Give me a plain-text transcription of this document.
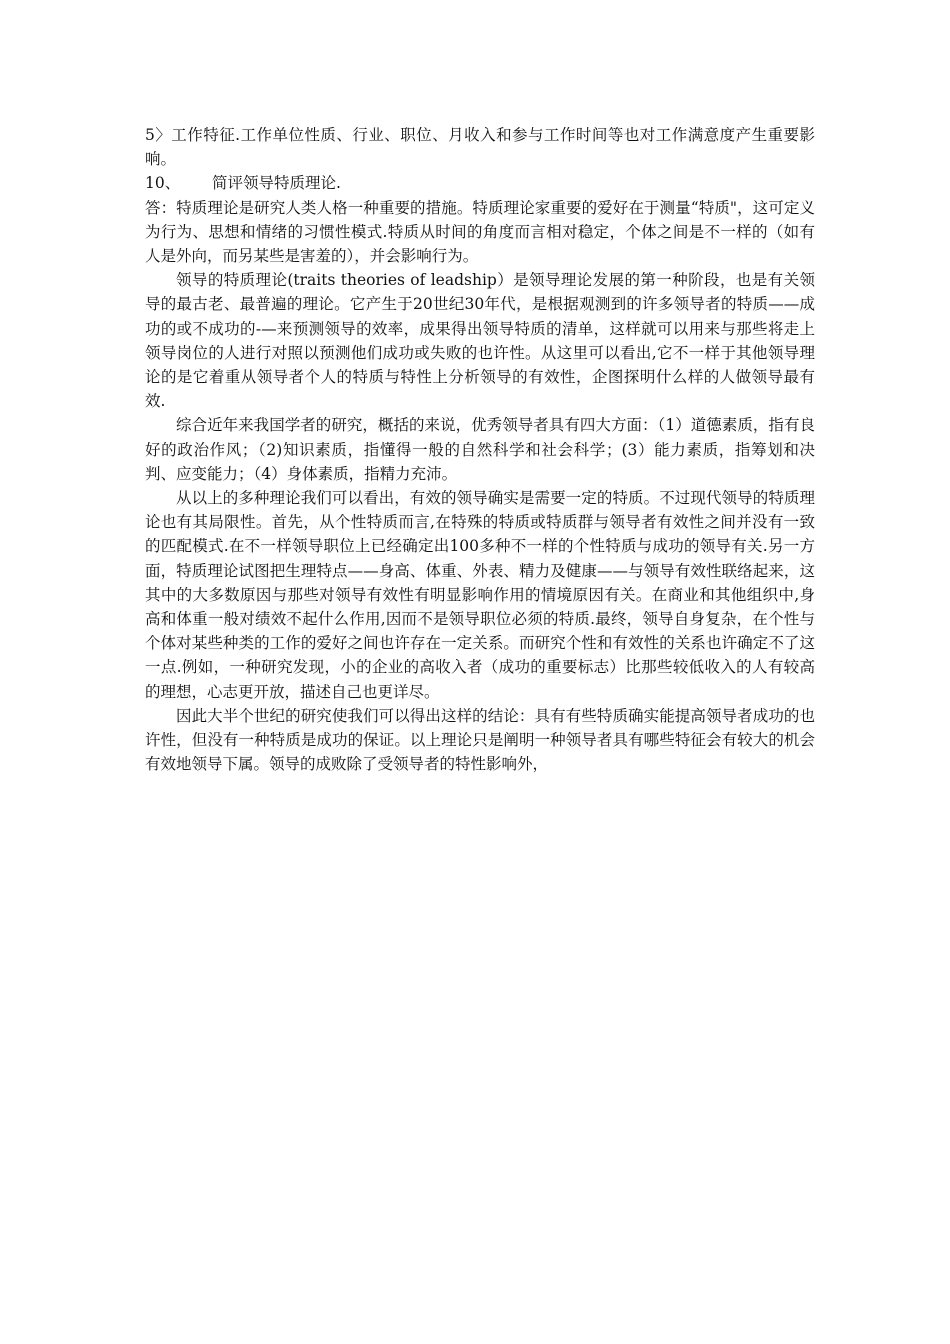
5〉工作特征.工作单位性质、行业、职位、月收入和参与工作时间等也对工作满意度产生重要影响。

10、 简评领导特质理论.

答：特质理论是研究人类人格一种重要的措施。特质理论家重要的爱好在于测量“特质"，这可定义为行为、思想和情绪的习惯性模式.特质从时间的角度而言相对稳定，个体之间是不一样的（如有人是外向，而另某些是害羞的），并会影响行为。

领导的特质理论(traits theories of leadship）是领导理论发展的第一种阶段，也是有关领导的最古老、最普遍的理论。它产生于20世纪30年代，是根据观测到的许多领导者的特质——成功的或不成功的-—来预测领导的效率，成果得出领导特质的清单，这样就可以用来与那些将走上领导岗位的人进行对照以预测他们成功或失败的也许性。从这里可以看出,它不一样于其他领导理论的是它着重从领导者个人的特质与特性上分析领导的有效性，企图探明什么样的人做领导最有效.

综合近年来我国学者的研究，概括的来说，优秀领导者具有四大方面：（1）道德素质，指有良好的政治作风；（2)知识素质，指懂得一般的自然科学和社会科学；(3）能力素质，指筹划和决判、应变能力；（4）身体素质，指精力充沛。

从以上的多种理论我们可以看出，有效的领导确实是需要一定的特质。不过现代领导的特质理论也有其局限性。首先，从个性特质而言,在特殊的特质或特质群与领导者有效性之间并没有一致的匹配模式.在不一样领导职位上已经确定出100多种不一样的个性特质与成功的领导有关.另一方面，特质理论试图把生理特点——身高、体重、外表、精力及健康——与领导有效性联络起来，这其中的大多数原因与那些对领导有效性有明显影响作用的情境原因有关。在商业和其他组织中,身高和体重一般对绩效不起什么作用,因而不是领导职位必须的特质.最终，领导自身复杂，在个性与个体对某些种类的工作的爱好之间也许存在一定关系。而研究个性和有效性的关系也许确定不了这一点.例如，一种研究发现，小的企业的高收入者（成功的重要标志）比那些较低收入的人有较高的理想，心志更开放，描述自己也更详尽。

因此大半个世纪的研究使我们可以得出这样的结论：具有有些特质确实能提高领导者成功的也许性，但没有一种特质是成功的保证。以上理论只是阐明一种领导者具有哪些特征会有较大的机会有效地领导下属。领导的成败除了受领导者的特性影响外，
